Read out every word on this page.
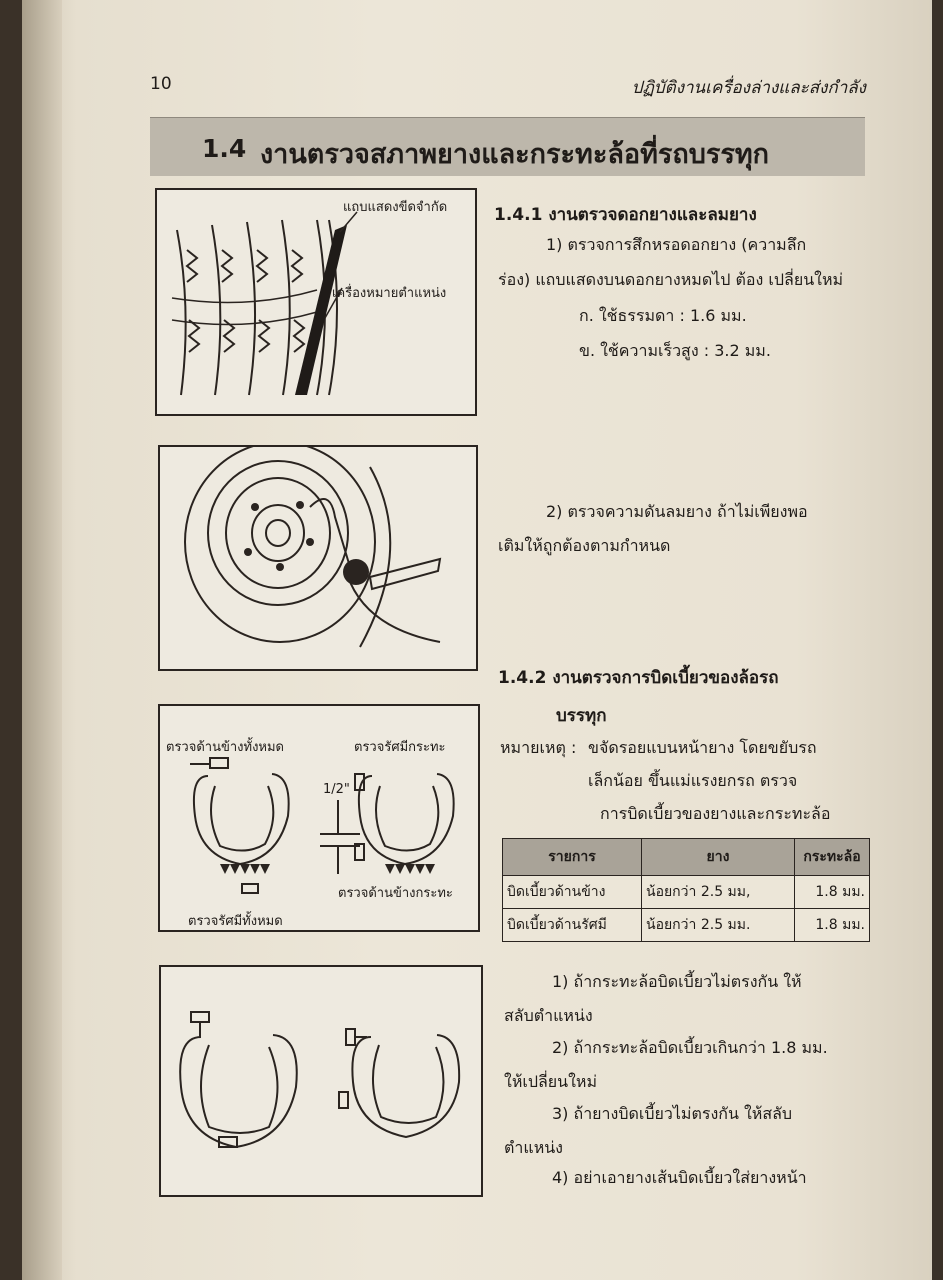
10	ปฏิบัติงานเครื่องล่างและส่งกำลัง
1.4 งานตรวจสภาพยางและกระทะล้อที่รถบรรทุก
แถบแสดงขีดจำกัด
เครื่องหมายตำแหน่ง
ตรวจด้านข้างทั้งหมด	ตรวจรัศมีกระทะ
1/2"
ตรวจด้านข้างกระทะ
ตรวจรัศมีทั้งหมด
1.4.1 งานตรวจดอกยางและลมยาง
1) ตรวจการสึกหรอดอกยาง (ความลึก
ร่อง) แถบแสดงบนดอกยางหมดไป ต้อง เปลี่ยนใหม่
ก. ใช้ธรรมดา : 1.6 มม.
ข. ใช้ความเร็วสูง : 3.2 มม.
2) ตรวจความดันลมยาง ถ้าไม่เพียงพอ
เติมให้ถูกต้องตามกำหนด
1.4.2 งานตรวจการบิดเบี้ยวของล้อรถ
บรรทุก
หมายเหตุ : ขจัดรอยแบนหน้ายาง โดยขยับรถ
เล็กน้อย ขึ้นแม่แรงยกรถ ตรวจ
การบิดเบี้ยวของยางและกระทะล้อ
รายการ	ยาง	กระทะล้อ
บิดเบี้ยวด้านข้าง	น้อยกว่า 2.5 มม,	1.8 มม.
บิดเบี้ยวด้านรัศมี	น้อยกว่า 2.5 มม.	1.8 มม.
1) ถ้ากระทะล้อบิดเบี้ยวไม่ตรงกัน ให้
สลับตำแหน่ง
2) ถ้ากระทะล้อบิดเบี้ยวเกินกว่า 1.8 มม.
ให้เปลี่ยนใหม่
3) ถ้ายางบิดเบี้ยวไม่ตรงกัน ให้สลับ
ตำแหน่ง
4) อย่าเอายางเส้นบิดเบี้ยวใส่ยางหน้า
